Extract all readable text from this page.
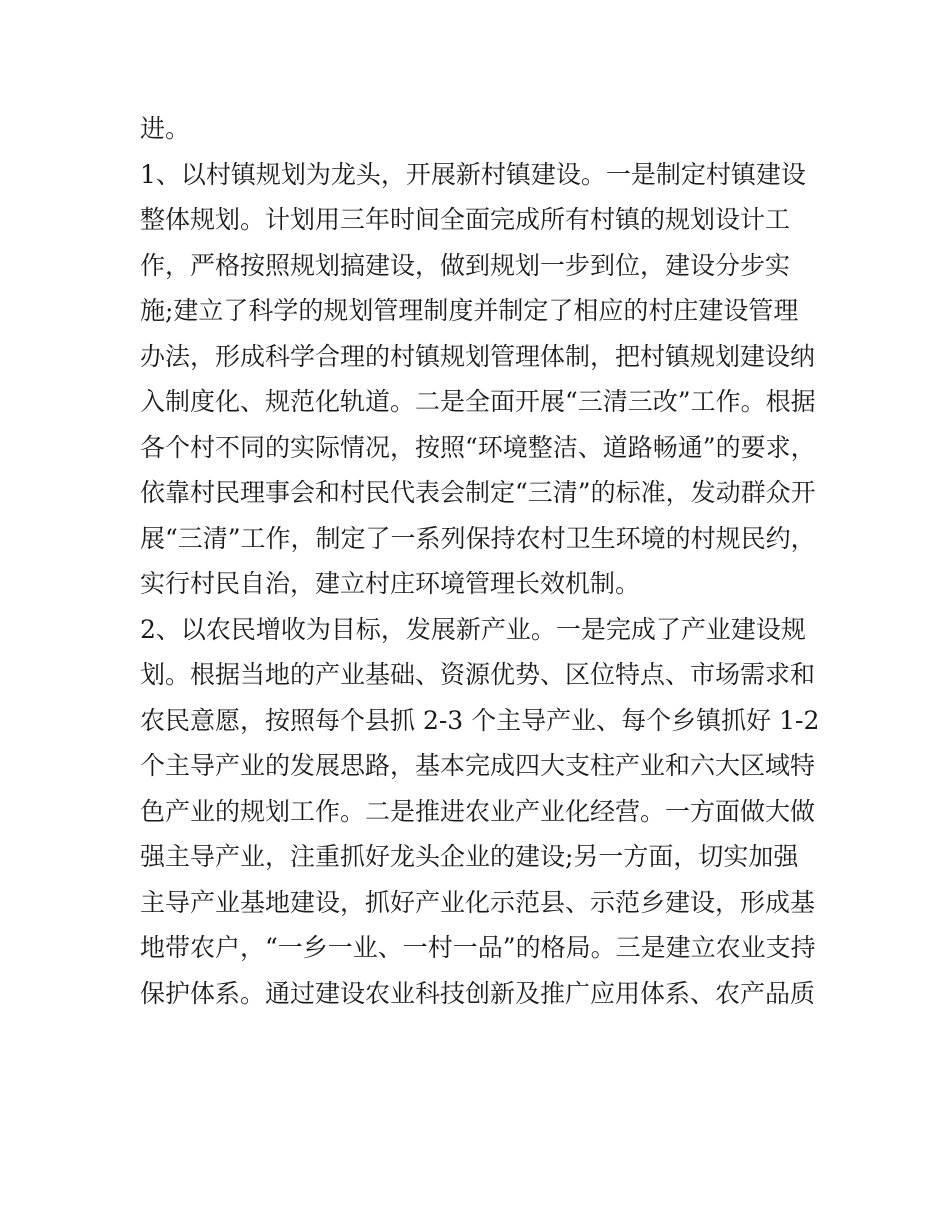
进。
1、以村镇规划为龙头，开展新村镇建设。一是制定村镇建设
整体规划。计划用三年时间全面完成所有村镇的规划设计工
作，严格按照规划搞建设，做到规划一步到位，建设分步实
施;建立了科学的规划管理制度并制定了相应的村庄建设管理
办法，形成科学合理的村镇规划管理体制，把村镇规划建设纳
入制度化、规范化轨道。二是全面开展“三清三改”工作。根据
各个村不同的实际情况，按照“环境整洁、道路畅通”的要求，
依靠村民理事会和村民代表会制定“三清”的标准，发动群众开
展“三清”工作，制定了一系列保持农村卫生环境的村规民约，
实行村民自治，建立村庄环境管理长效机制。
2、以农民增收为目标，发展新产业。一是完成了产业建设规
划。根据当地的产业基础、资源优势、区位特点、市场需求和
农民意愿，按照每个县抓 2-3 个主导产业、每个乡镇抓好 1-2
个主导产业的发展思路，基本完成四大支柱产业和六大区域特
色产业的规划工作。二是推进农业产业化经营。一方面做大做
强主导产业，注重抓好龙头企业的建设;另一方面，切实加强
主导产业基地建设，抓好产业化示范县、示范乡建设，形成基
地带农户，“一乡一业、一村一品”的格局。三是建立农业支持
保护体系。通过建设农业科技创新及推广应用体系、农产品质
